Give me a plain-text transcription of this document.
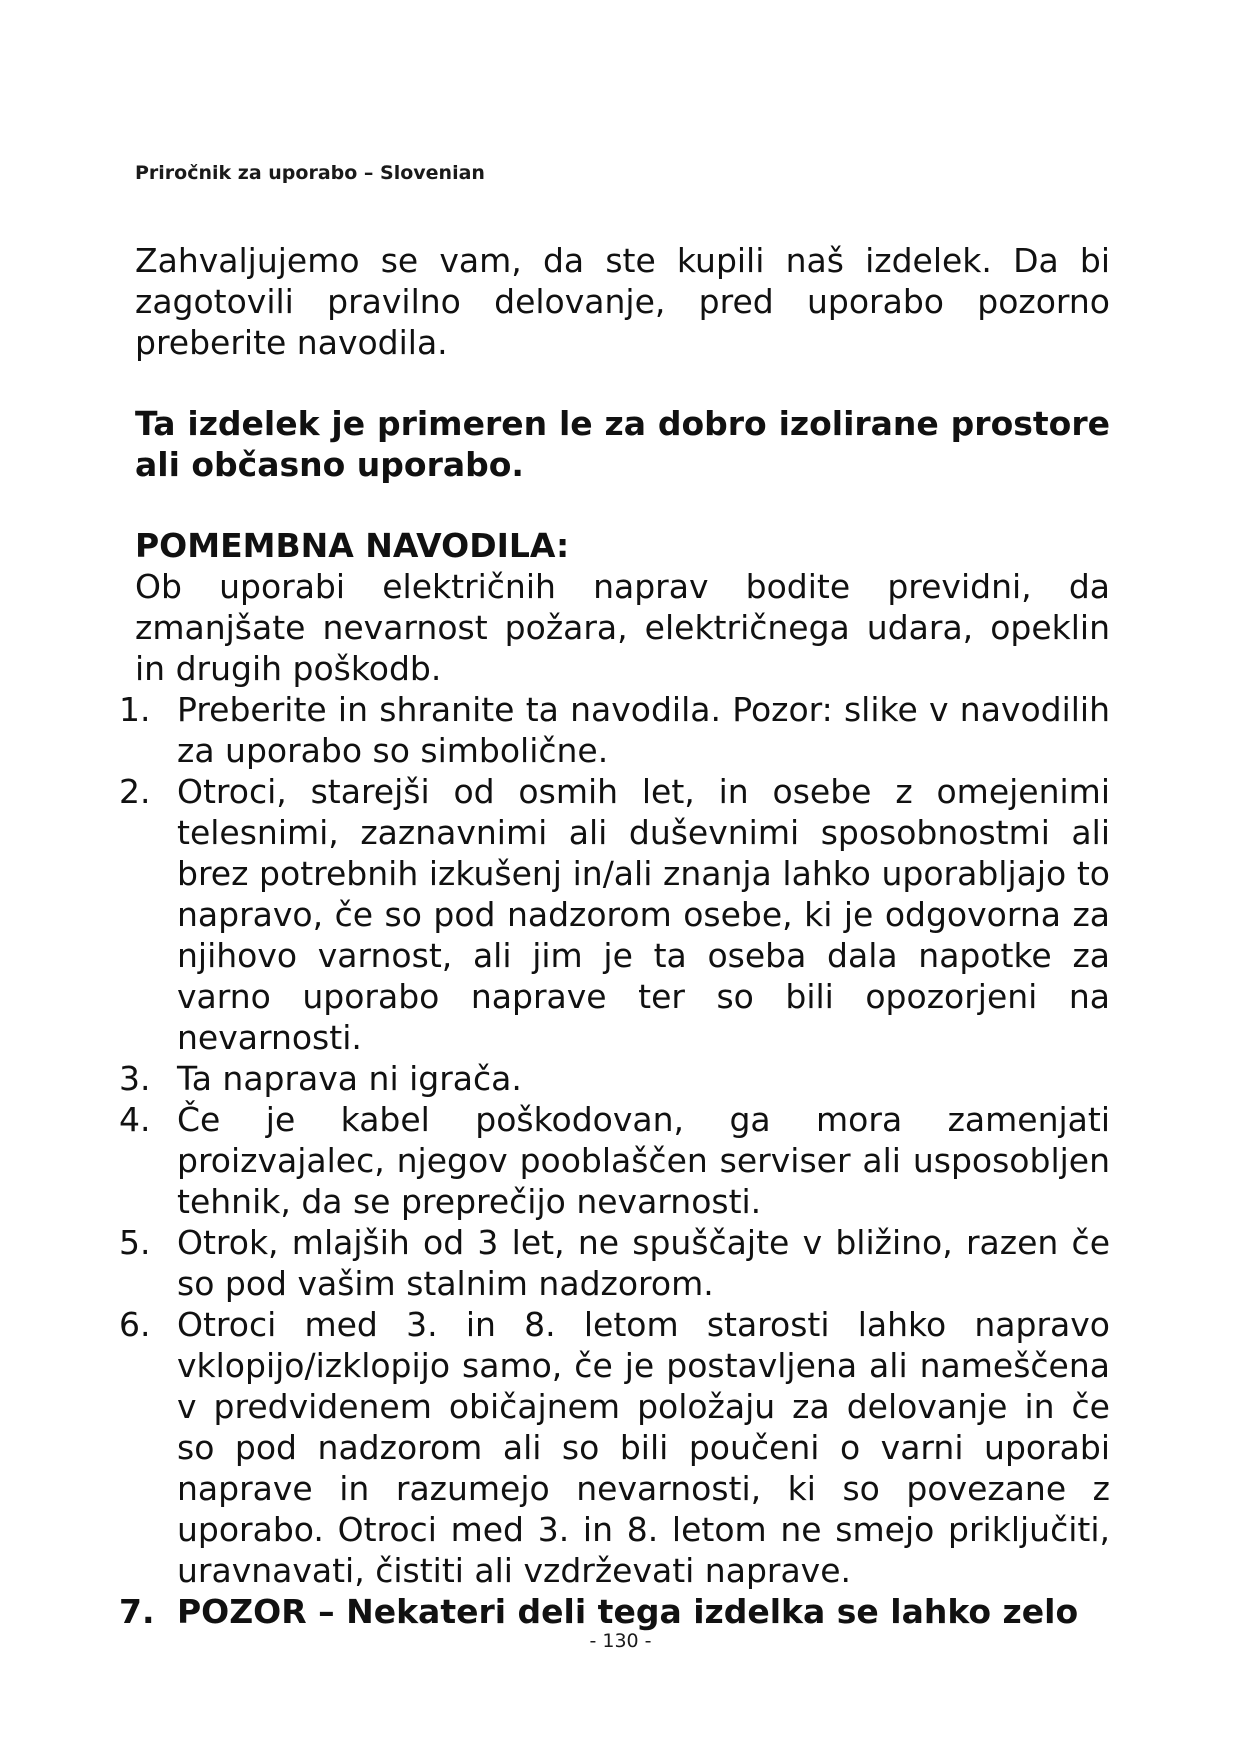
Priročnik za uporabo – Slovenian

Zahvaljujemo se vam, da ste kupili naš izdelek. Da bi zagotovili pravilno delovanje, pred uporabo pozorno preberite navodila.

Ta izdelek je primeren le za dobro izolirane prostore ali občasno uporabo.

POMEMBNA NAVODILA:

Ob uporabi električnih naprav bodite previdni, da zmanjšate nevarnost požara, električnega udara, opeklin in drugih poškodb.

1. Preberite in shranite ta navodila. Pozor: slike v navodilih za uporabo so simbolične.
2. Otroci, starejši od osmih let, in osebe z omejenimi telesnimi, zaznavnimi ali duševnimi sposobnostmi ali brez potrebnih izkušenj in/ali znanja lahko uporabljajo to napravo, če so pod nadzorom osebe, ki je odgovorna za njihovo varnost, ali jim je ta oseba dala napotke za varno uporabo naprave ter so bili opozorjeni na nevarnosti.
3. Ta naprava ni igrača.
4. Če je kabel poškodovan, ga mora zamenjati proizvajalec, njegov pooblaščen serviser ali usposobljen tehnik, da se preprečijo nevarnosti.
5. Otrok, mlajših od 3 let, ne spuščajte v bližino, razen če so pod vašim stalnim nadzorom.
6. Otroci med 3. in 8. letom starosti lahko napravo vklopijo/izklopijo samo, če je postavljena ali nameščena v predvidenem običajnem položaju za delovanje in če so pod nadzorom ali so bili poučeni o varni uporabi naprave in razumejo nevarnosti, ki so povezane z uporabo. Otroci med 3. in 8. letom ne smejo priključiti, uravnavati, čistiti ali vzdrževati naprave.
7. POZOR – Nekateri deli tega izdelka se lahko zelo
- 130 -
